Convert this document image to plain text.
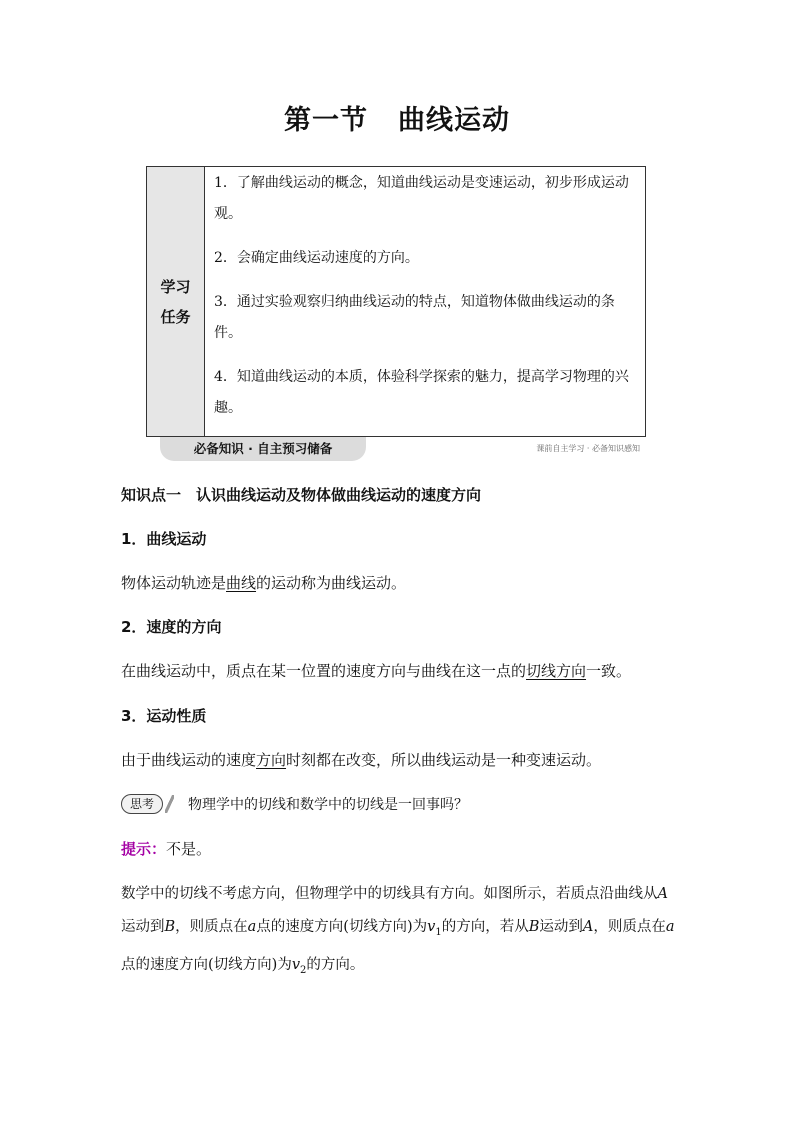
第一节 曲线运动
学习
任务

1．了解曲线运动的概念，知道曲线运动是变速运动，初步形成运动观。

2．会确定曲线运动速度的方向。

3．通过实验观察归纳曲线运动的特点，知道物体做曲线运动的条件。

4．知道曲线运动的本质，体验科学探索的魅力，提高学习物理的兴趣。

必备知识 · 自主预习储备	课前自主学习 · 必备知识感知
知识点一　认识曲线运动及物体做曲线运动的速度方向
1．曲线运动
物体运动轨迹是曲线的运动称为曲线运动。
2．速度的方向
在曲线运动中，质点在某一位置的速度方向与曲线在这一点的切线方向一致。
3．运动性质
由于曲线运动的速度方向时刻都在改变，所以曲线运动是一种变速运动。
思考	物理学中的切线和数学中的切线是一回事吗？
提示：不是。
数学中的切线不考虑方向，但物理学中的切线具有方向。如图所示，若质点沿曲线从A运动到B，则质点在a点的速度方向(切线方向)为$v_1$的方向，若从B运动到A，则质点在a点的速度方向(切线方向)为$v_2$的方向。
